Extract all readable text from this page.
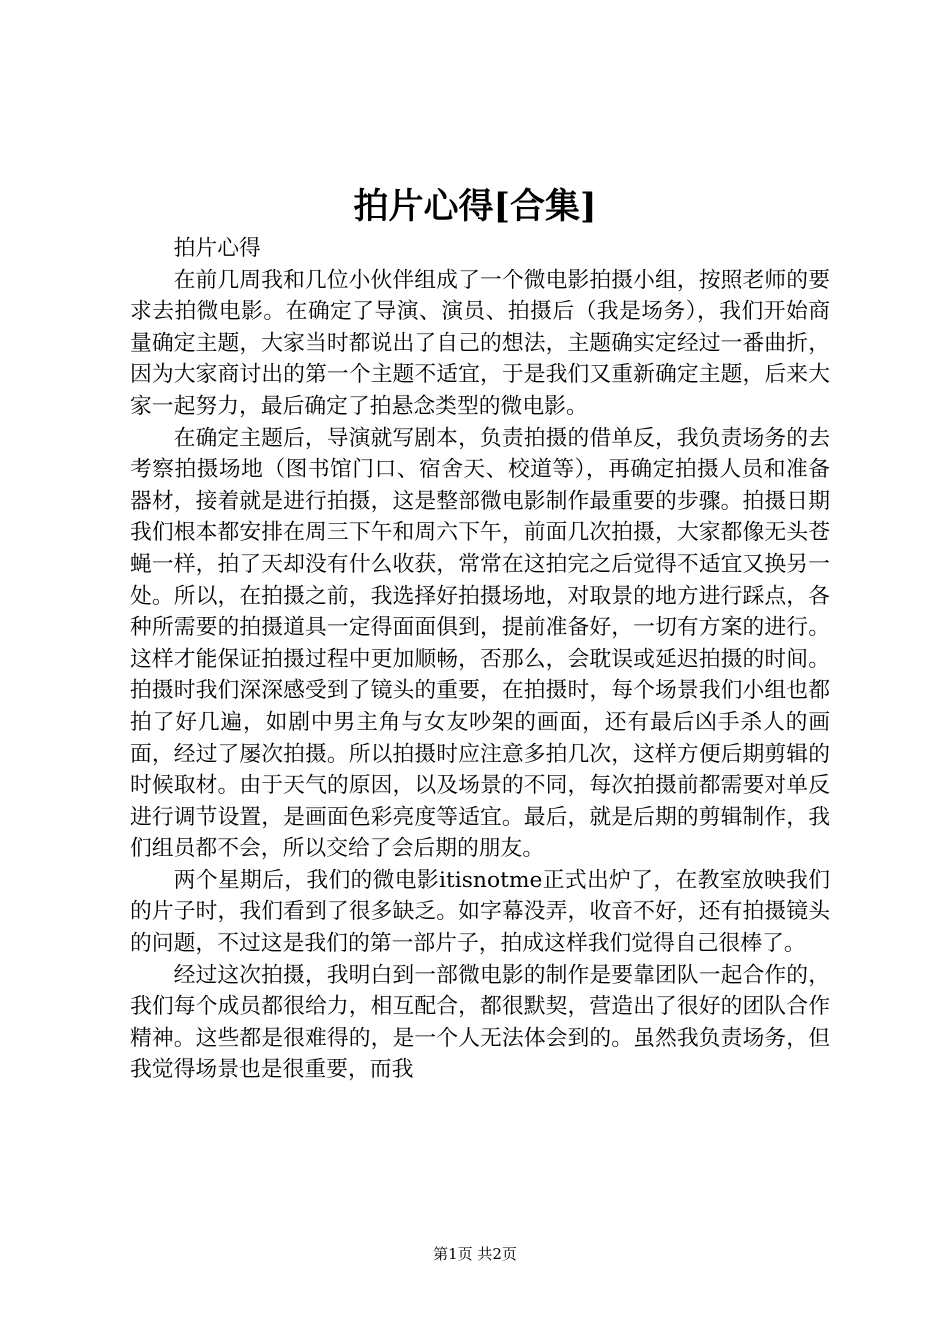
拍片心得[合集]

拍片心得

在前几周我和几位小伙伴组成了一个微电影拍摄小组，按照老师的要求去拍微电影。在确定了导演、演员、拍摄后（我是场务），我们开始商量确定主题，大家当时都说出了自己的想法，主题确实定经过一番曲折，因为大家商讨出的第一个主题不适宜，于是我们又重新确定主题，后来大家一起努力，最后确定了拍悬念类型的微电影。

在确定主题后，导演就写剧本，负责拍摄的借单反，我负责场务的去考察拍摄场地（图书馆门口、宿舍天、校道等），再确定拍摄人员和准备器材，接着就是进行拍摄，这是整部微电影制作最重要的步骤。拍摄日期我们根本都安排在周三下午和周六下午，前面几次拍摄，大家都像无头苍蝇一样，拍了天却没有什么收获，常常在这拍完之后觉得不适宜又换另一处。所以，在拍摄之前，我选择好拍摄场地，对取景的地方进行踩点，各种所需要的拍摄道具一定得面面俱到，提前准备好，一切有方案的进行。这样才能保证拍摄过程中更加顺畅，否那么，会耽误或延迟拍摄的时间。拍摄时我们深深感受到了镜头的重要，在拍摄时，每个场景我们小组也都拍了好几遍，如剧中男主角与女友吵架的画面，还有最后凶手杀人的画面，经过了屡次拍摄。所以拍摄时应注意多拍几次，这样方便后期剪辑的时候取材。由于天气的原因，以及场景的不同，每次拍摄前都需要对单反进行调节设置，是画面色彩亮度等适宜。最后，就是后期的剪辑制作，我们组员都不会，所以交给了会后期的朋友。

两个星期后，我们的微电影itisnotme正式出炉了，在教室放映我们的片子时，我们看到了很多缺乏。如字幕没弄，收音不好，还有拍摄镜头的问题，不过这是我们的第一部片子，拍成这样我们觉得自己很棒了。

经过这次拍摄，我明白到一部微电影的制作是要靠团队一起合作的，我们每个成员都很给力，相互配合，都很默契，营造出了很好的团队合作精神。这些都是很难得的，是一个人无法体会到的。虽然我负责场务，但我觉得场景也是很重要，而我

第1页 共2页
